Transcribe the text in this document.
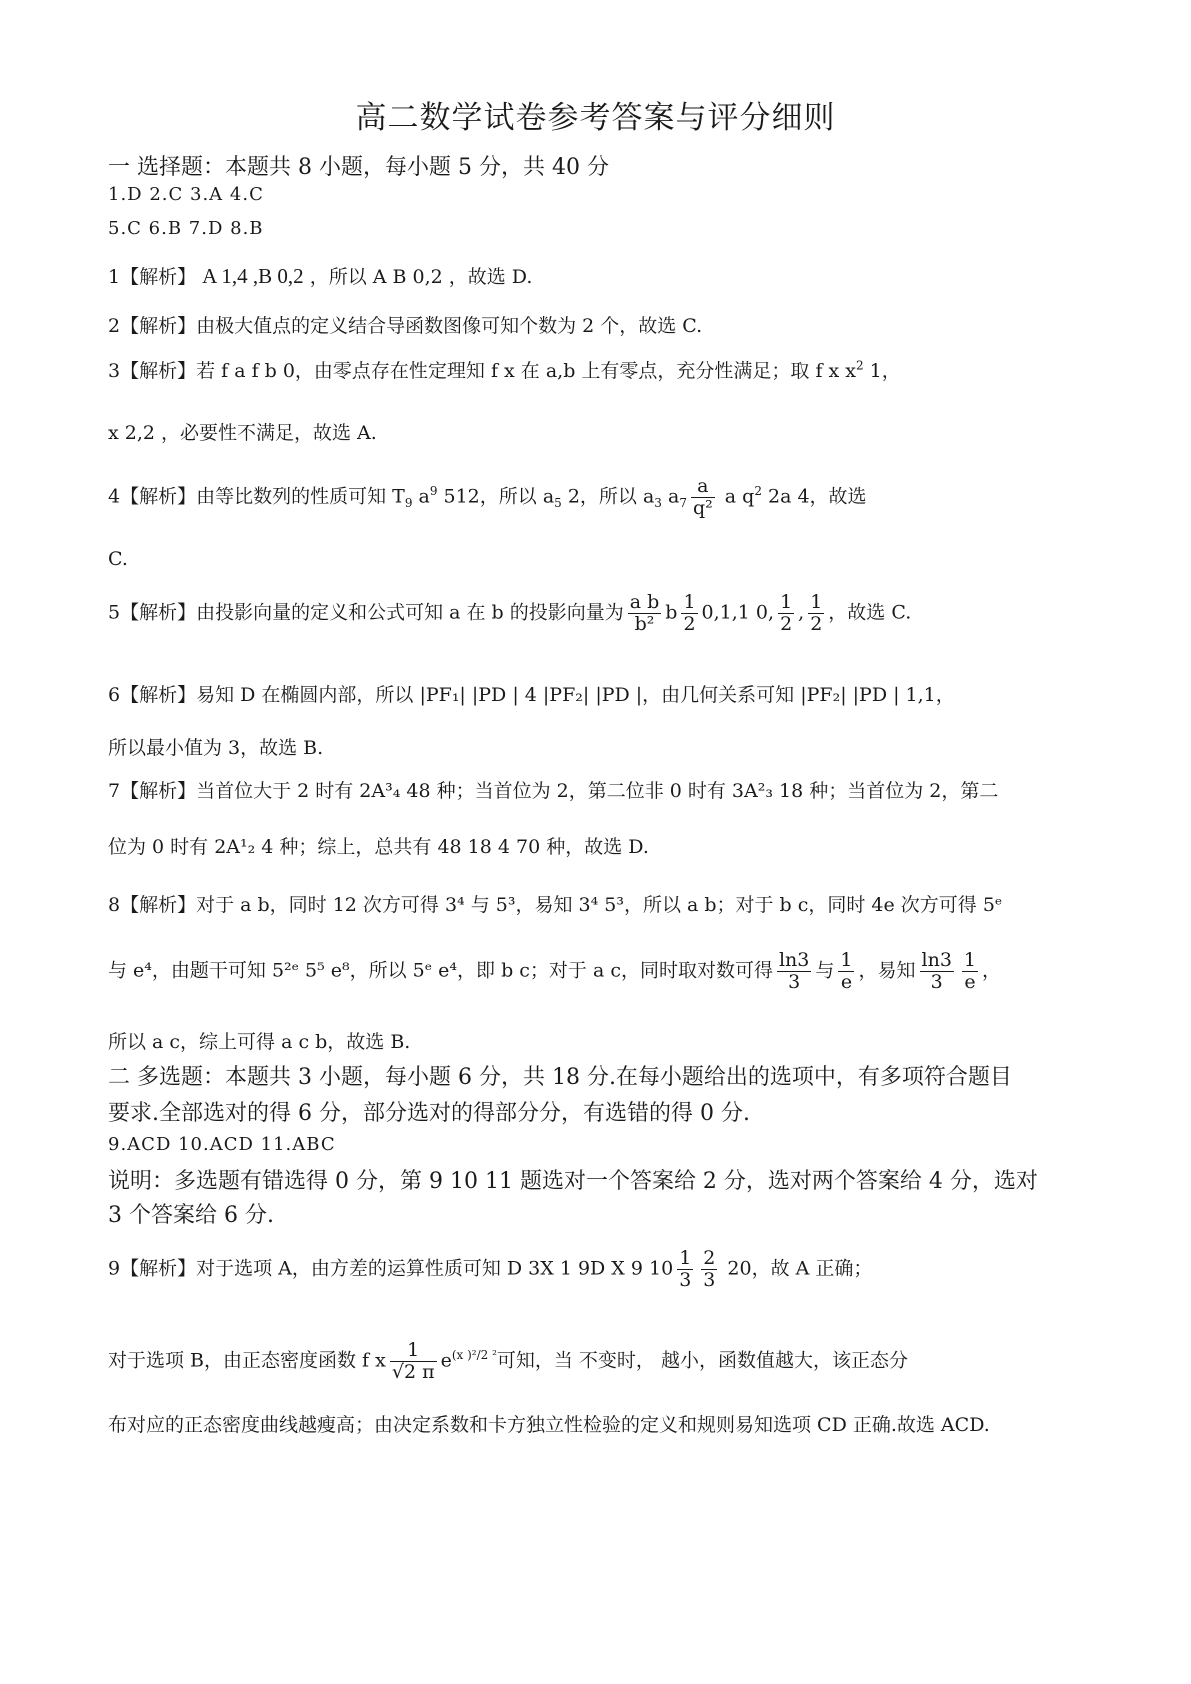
高二数学试卷参考答案与评分细则
一 选择题：本题共 8 小题，每小题 5 分，共 40 分
1.D 2.C 3.A 4.C
5.C 6.B 7.D 8.B
1【解析】 A 1,4 ,B 0,2 ，所以 A B 0,2 ，故选 D.
2【解析】由极大值点的定义结合导函数图像可知个数为 2 个，故选 C.
3【解析】若 f a f b 0，由零点存在性定理知 f x 在 a,b 上有零点，充分性满足；取 f x $x^2$ 1，
x 2,2 ，必要性不满足，故选 A.
4【解析】由等比数列的性质可知 $T_9$ $a^9$ 512，所以 $a_5$ 2，所以 $a_3$ $a_7 \frac{a}{\text{q²}}$ a $q^2$ 2a 4，故选
C.
5【解析】由投影向量的定义和公式可知 a 在 b 的投影向量为 $\frac{\text{a b}}{\text{b²}}$ b $\frac{1}{2} 0,1,1$ 0, $\frac{1}{2}$ , $\frac{1}{2}$ ，故选 C.
6【解析】易知 D 在椭圆内部，所以 |PF₁| |PD | 4 |PF₂| |PD |，由几何关系可知 |PF₂| |PD | 1,1，
所以最小值为 3，故选 B.
7【解析】当首位大于 2 时有 2A³₄ 48 种；当首位为 2，第二位非 0 时有 3A²₃ 18 种；当首位为 2，第二
位为 0 时有 2A¹₂ 4 种；综上，总共有 48 18 4 70 种，故选 D.
8【解析】对于 a b，同时 12 次方可得 3⁴ 与 5³，易知 3⁴ 5³，所以 a b；对于 b c，同时 4e 次方可得 5ᵉ
与 e⁴，由题干可知 5²ᵉ 5⁵ e⁸，所以 5ᵉ e⁴，即 b c；对于 a c，同时取对数可得 $\frac{\ln 3}{3}$ 与 $\frac{1}{e}$ ，易知 $\frac{\ln 3}{3} \frac{1}{e}$ ，
所以 a c，综上可得 a c b，故选 B.
二 多选题：本题共 3 小题，每小题 6 分，共 18 分.在每小题给出的选项中，有多项符合题目
要求.全部选对的得 6 分，部分选对的得部分分，有选错的得 0 分.
9.ACD 10.ACD 11.ABC
说明：多选题有错选得 0 分，第 9 10 11 题选对一个答案给 2 分，选对两个答案给 4 分，选对
3 个答案给 6 分.
9【解析】对于选项 A，由方差的运算性质可知 D 3X 1 9D X 9 $10 \frac{1}{3} \frac{2}{3} 20$，故 A 正确；
对于选项 B，由正态密度函数 f x $\frac{1}{√2 \pi} e^{(x )^2/2 ^2}$可知，当 不变时， 越小，函数值越大，该正态分
布对应的正态密度曲线越瘦高；由决定系数和卡方独立性检验的定义和规则易知选项 CD 正确.故选 ACD.
